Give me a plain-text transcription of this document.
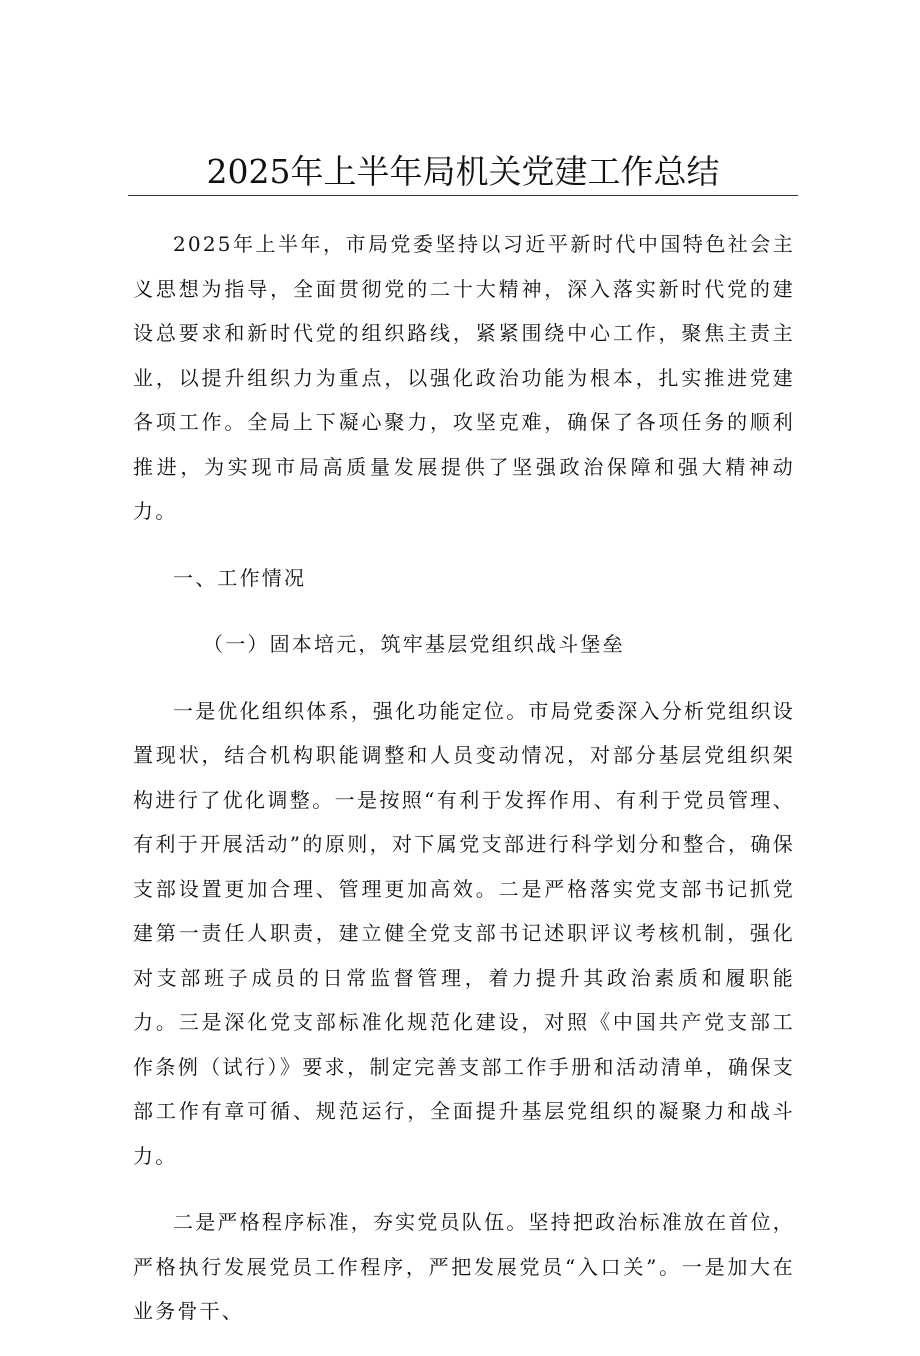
2025年上半年局机关党建工作总结

2025年上半年，市局党委坚持以习近平新时代中国特色社会主义思想为指导，全面贯彻党的二十大精神，深入落实新时代党的建设总要求和新时代党的组织路线，紧紧围绕中心工作，聚焦主责主业，以提升组织力为重点，以强化政治功能为根本，扎实推进党建各项工作。全局上下凝心聚力，攻坚克难，确保了各项任务的顺利推进，为实现市局高质量发展提供了坚强政治保障和强大精神动力。

一、工作情况

（一）固本培元，筑牢基层党组织战斗堡垒

一是优化组织体系，强化功能定位。市局党委深入分析党组织设置现状，结合机构职能调整和人员变动情况，对部分基层党组织架构进行了优化调整。一是按照“有利于发挥作用、有利于党员管理、有利于开展活动”的原则，对下属党支部进行科学划分和整合，确保支部设置更加合理、管理更加高效。二是严格落实党支部书记抓党建第一责任人职责，建立健全党支部书记述职评议考核机制，强化对支部班子成员的日常监督管理，着力提升其政治素质和履职能力。三是深化党支部标准化规范化建设，对照《中国共产党支部工作条例（试行）》要求，制定完善支部工作手册和活动清单，确保支部工作有章可循、规范运行，全面提升基层党组织的凝聚力和战斗力。

二是严格程序标准，夯实党员队伍。坚持把政治标准放在首位，严格执行发展党员工作程序，严把发展党员“入口关”。一是加大在业务骨干、
